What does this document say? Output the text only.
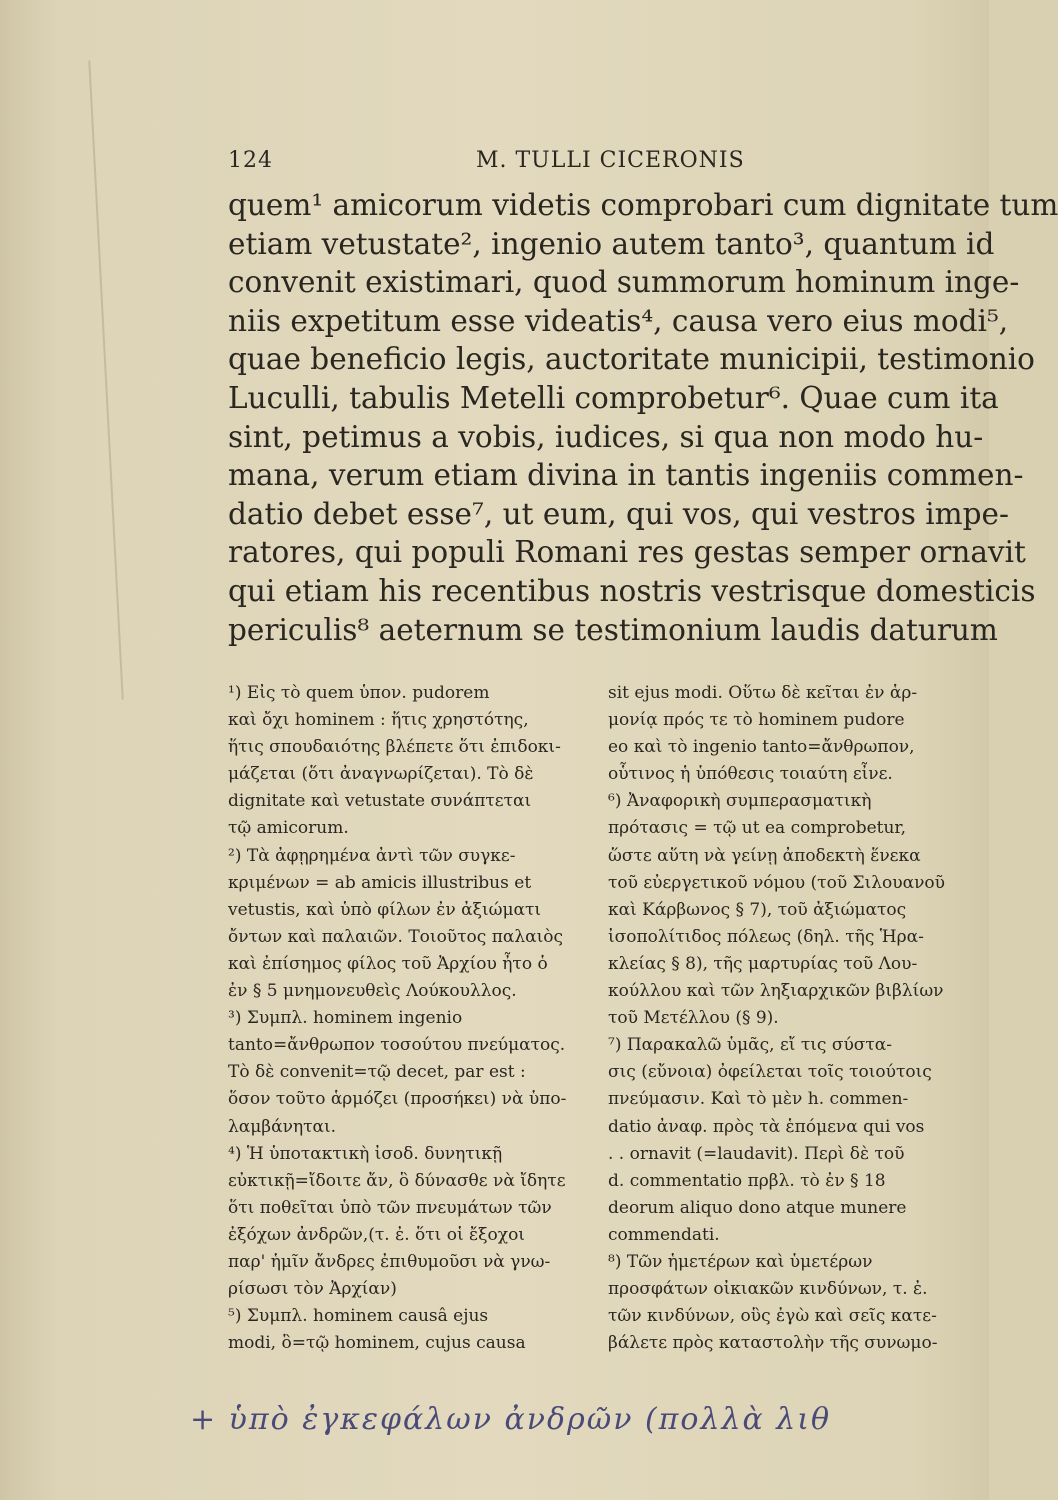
124	M. TULLI CICERONIS
quem¹ amicorum videtis comprobari cum dignitate tum
etiam vetustate², ingenio autem tanto³, quantum id
convenit existimari, quod summorum hominum inge-
niis expetitum esse videatis⁴, causa vero eius modi⁵,
quae beneficio legis, auctoritate municipii, testimonio
Luculli, tabulis Metelli comprobetur⁶. Quae cum ita
sint, petimus a vobis, iudices, si qua non modo hu-
mana, verum etiam divina in tantis ingeniis commen-
datio debet esse⁷, ut eum, qui vos, qui vestros impe-
ratores, qui populi Romani res gestas semper ornavit
qui etiam his recentibus nostris vestrisque domesticis
periculis⁸ aeternum se testimonium laudis daturum
¹) Εἰς τὸ quem ὑπον. pudorem
καὶ ὄχι hominem : ἥτις χρηστότης,
ἥτις σπουδαιότης βλέπετε ὅτι ἐπιδοκι-
μάζεται (ὅτι ἀναγνωρίζεται). Τὸ δὲ
dignitate καὶ vetustate συνάπτεται
τῷ amicorum.
²) Τὰ ἀφῃρημένα ἀντὶ τῶν συγκε-
κριμένων = ab amicis illustribus et
vetustis, καὶ ὑπὸ φίλων ἐν ἀξιώματι
ὄντων καὶ παλαιῶν. Τοιοῦτος παλαιὸς
καὶ ἐπίσημος φίλος τοῦ Ἀρχίου ἦτο ὁ
ἐν § 5 μνημονευθεὶς Λούκουλλος.
³) Συμπλ. hominem ingenio
tanto=ἄνθρωπον τοσούτου πνεύματος.
Τὸ δὲ convenit=τῷ decet, par est :
ὅσον τοῦτο ἁρμόζει (προσήκει) νὰ ὑπο-
λαμβάνηται.
⁴) Ἡ ὑποτακτικὴ ἰσοδ. δυνητικῇ
εὐκτικῇ=ἴδοιτε ἄν, ὃ δύνασθε νὰ ἴδητε
ὅτι ποθεῖται ὑπὸ τῶν πνευμάτων τῶν
ἐξόχων ἀνδρῶν,(τ. ἐ. ὅτι οἱ ἔξοχοι
παρ' ἡμῖν ἄνδρες ἐπιθυμοῦσι νὰ γνω-
ρίσωσι τὸν Ἀρχίαν)
⁵) Συμπλ. hominem causâ ejus
modi, ὃ=τῷ hominem, cujus causa
sit ejus modi. Οὕτω δὲ κεῖται ἐν ἁρ-
μονίᾳ πρός τε τὸ hominem pudore
eo καὶ τὸ ingenio tanto=ἄνθρωπον,
οὗτινος ἡ ὑπόθεσις τοιαύτη εἶνε.
⁶) Ἀναφορικὴ συμπερασματικὴ
πρότασις = τῷ ut ea comprobetur,
ὥστε αὕτη νὰ γείνῃ ἀποδεκτὴ ἕνεκα
τοῦ εὐεργετικοῦ νόμου (τοῦ Σιλουανοῦ
καὶ Κάρβωνος § 7), τοῦ ἀξιώματος
ἰσοπολίτιδος πόλεως (δηλ. τῆς Ἡρα-
κλείας § 8), τῆς μαρτυρίας τοῦ Λου-
κούλλου καὶ τῶν ληξιαρχικῶν βιβλίων
τοῦ Μετέλλου (§ 9).
⁷) Παρακαλῶ ὑμᾶς, εἴ τις σύστα-
σις (εὔνοια) ὀφείλεται τοῖς τοιούτοις
πνεύμασιν. Καὶ τὸ μὲν h. commen-
datio ἀναφ. πρὸς τὰ ἑπόμενα qui vos
. . ornavit (=laudavit). Περὶ δὲ τοῦ
d. commentatio πρβλ. τὸ ἐν § 18
deorum aliquo dono atque munere
commendati.
⁸) Τῶν ἡμετέρων καὶ ὑμετέρων
προσφάτων οἰκιακῶν κινδύνων, τ. ἐ.
τῶν κινδύνων, οὓς ἐγὼ καὶ σεῖς κατε-
βάλετε πρὸς καταστολὴν τῆς συνωμο-
+ ὑπὸ ἐγκεφάλων ἀνδρῶν (πολλὰ λιθ
